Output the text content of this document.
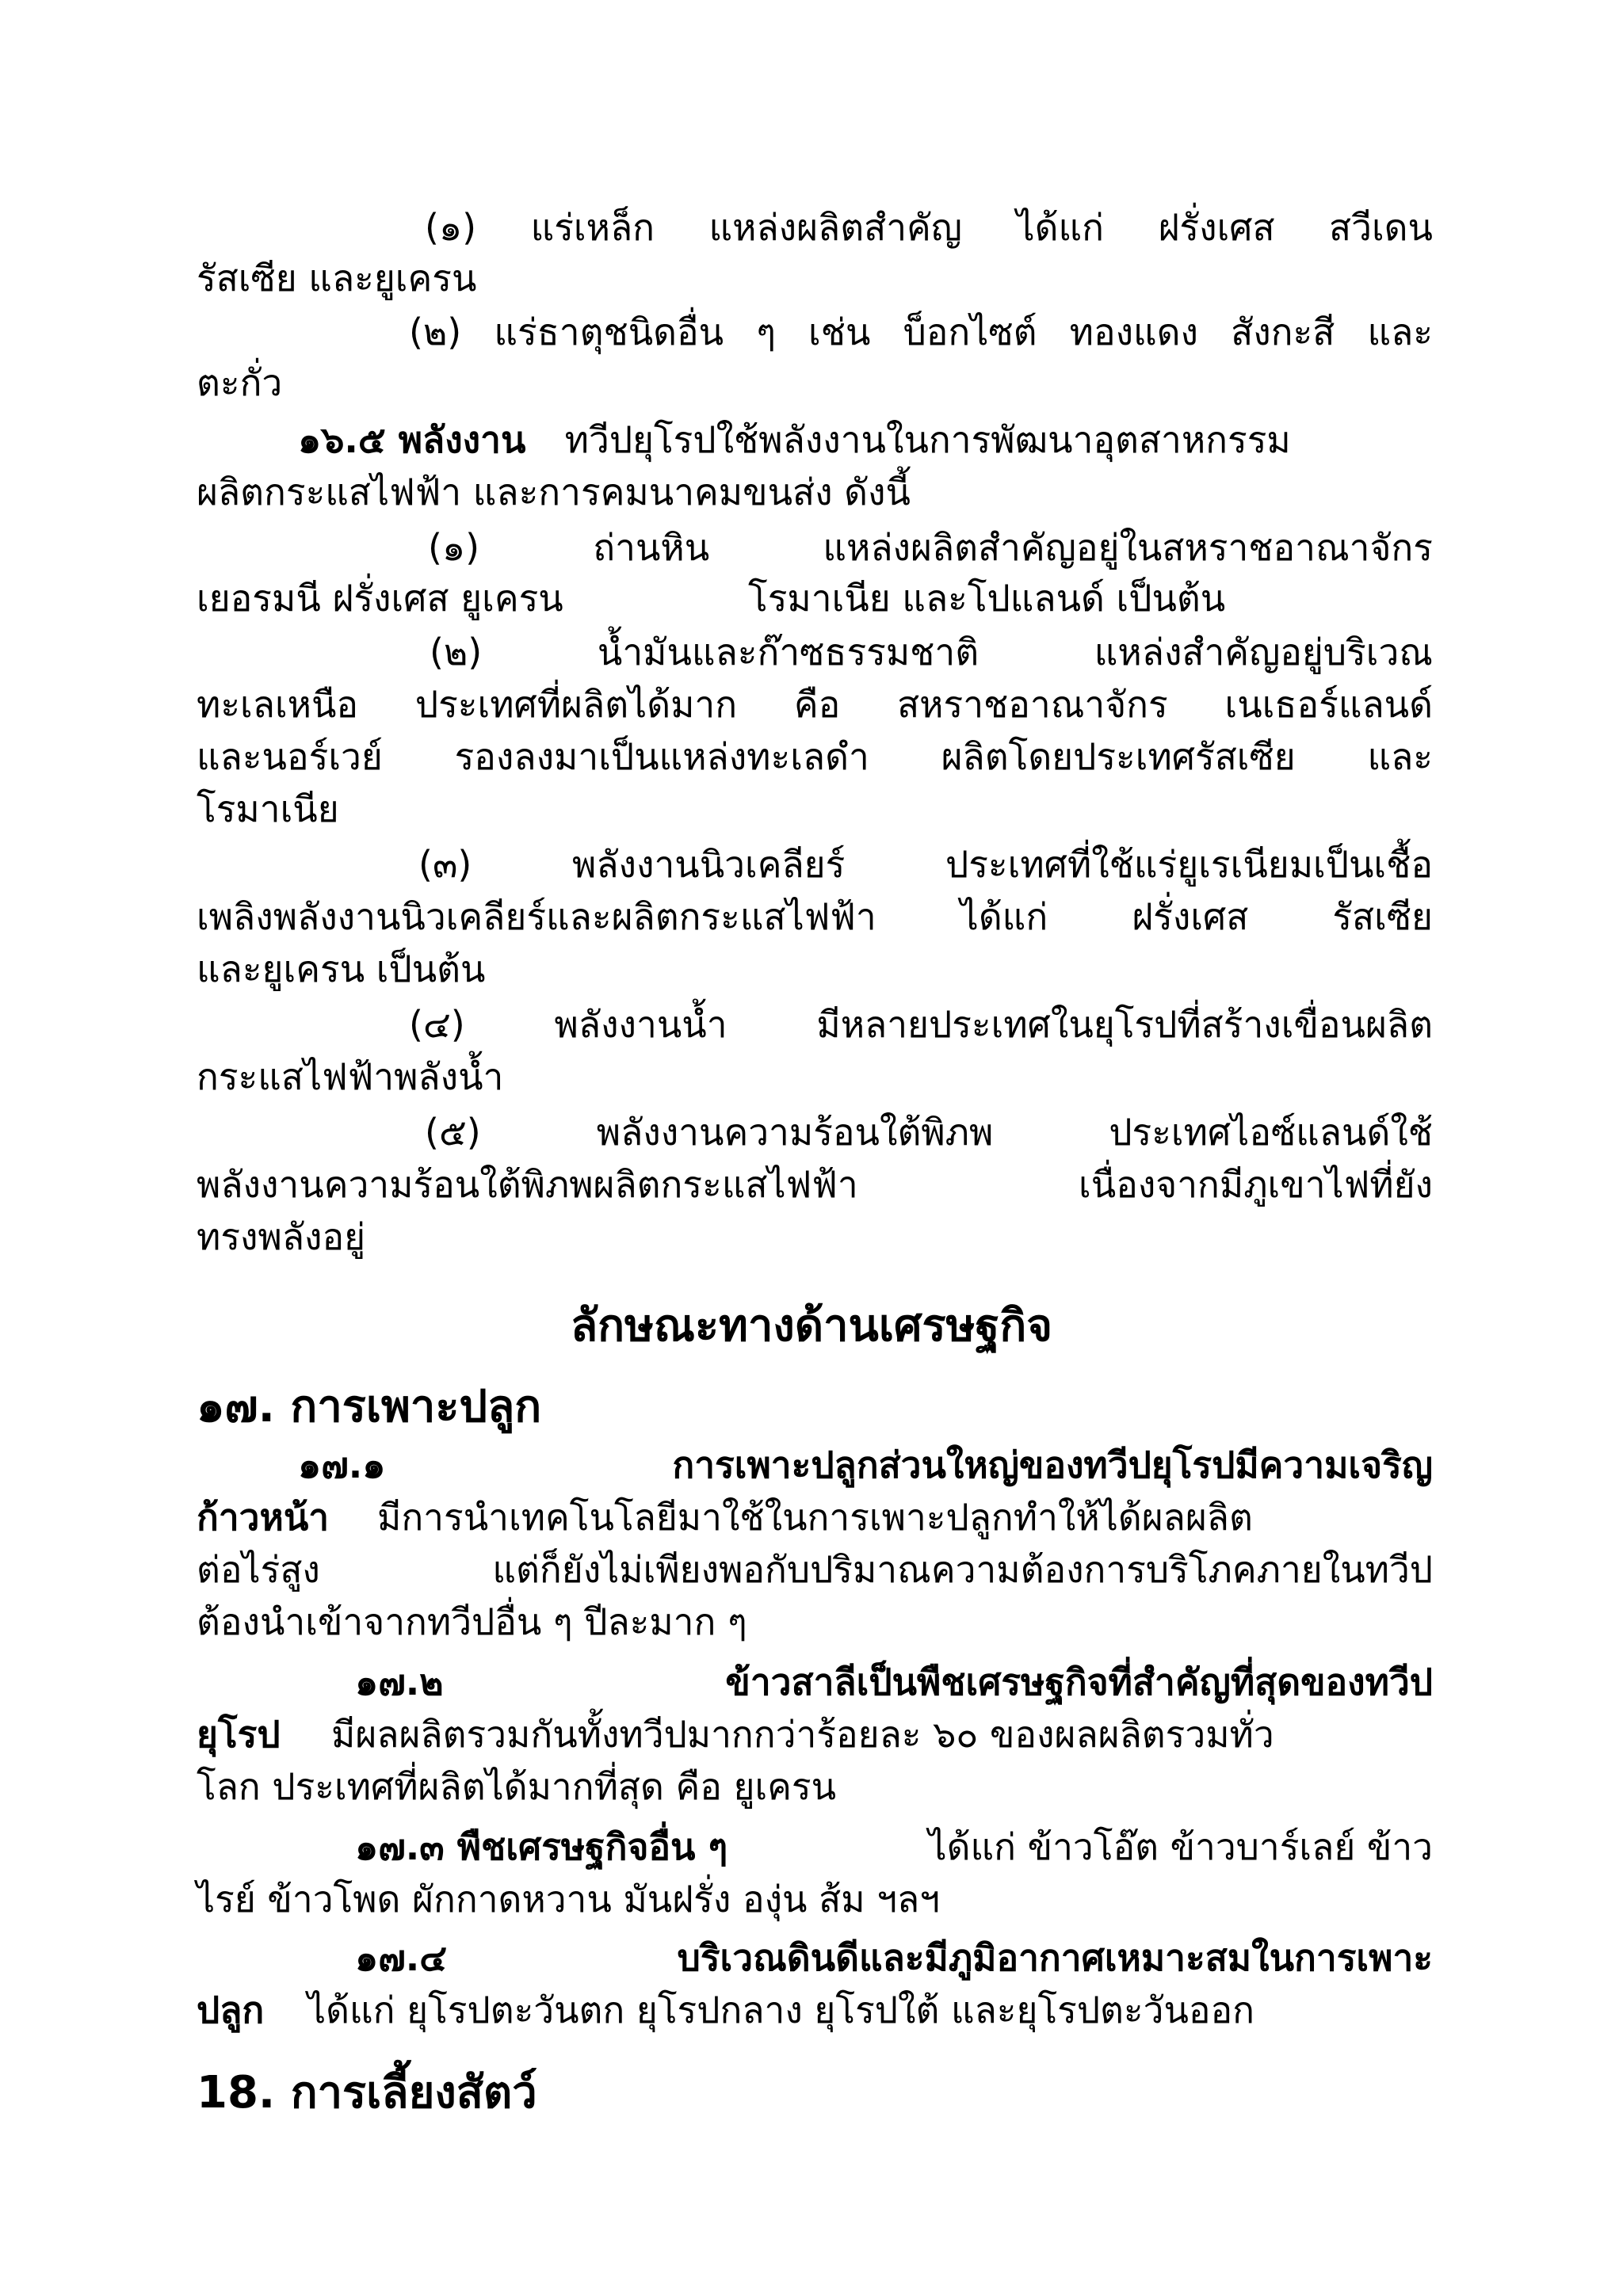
(๑) แร่เหล็ก แหล่งผลิตสำคัญ ได้แก่ ฝรั่งเศส สวีเดน
รัสเซีย และยูเครน
(๒) แร่ธาตุชนิดอื่น ๆ เช่น บ็อกไซต์ ทองแดง สังกะสี และ
ตะกั่ว
๑๖.๕ พลังงาน ทวีปยุโรปใช้พลังงานในการพัฒนาอุตสาหกรรม
ผลิตกระแสไฟฟ้า และการคมนาคมขนส่ง ดังนี้
(๑) ถ่านหิน แหล่งผลิตสำคัญอยู่ในสหราชอาณาจักร
เยอรมนี ฝรั่งเศส ยูเครน	โรมาเนีย และโปแลนด์ เป็นต้น
(๒) น้ำมันและก๊าซธรรมชาติ แหล่งสำคัญอยู่บริเวณ
ทะเลเหนือ ประเทศที่ผลิตได้มาก คือ สหราชอาณาจักร เนเธอร์แลนด์
และนอร์เวย์ รองลงมาเป็นแหล่งทะเลดำ ผลิตโดยประเทศรัสเซีย และ
โรมาเนีย
(๓) พลังงานนิวเคลียร์ ประเทศที่ใช้แร่ยูเรเนียมเป็นเชื้อ
เพลิงพลังงานนิวเคลียร์และผลิตกระแสไฟฟ้า ได้แก่ ฝรั่งเศส รัสเซีย
และยูเครน เป็นต้น
(๔) พลังงานน้ำ มีหลายประเทศในยุโรปที่สร้างเขื่อนผลิต
กระแสไฟฟ้าพลังน้ำ
(๕) พลังงานความร้อนใต้พิภพ ประเทศไอซ์แลนด์ใช้
พลังงานความร้อนใต้พิภพผลิตกระแสไฟฟ้า เนื่องจากมีภูเขาไฟที่ยัง
ทรงพลังอยู่
ลักษณะทางด้านเศรษฐกิจ
๑๗. การเพาะปลูก
๑๗.๑ การเพาะปลูกส่วนใหญ่ของทวีปยุโรปมีความเจริญ
ก้าวหน้า มีการนำเทคโนโลยีมาใช้ในการเพาะปลูกทำให้ได้ผลผลิต
ต่อไร่สูง แต่ก็ยังไม่เพียงพอกับปริมาณความต้องการบริโภคภายในทวีป
ต้องนำเข้าจากทวีปอื่น ๆ ปีละมาก ๆ
๑๗.๒ ข้าวสาลีเป็นพืชเศรษฐกิจที่สำคัญที่สุดของทวีป
ยุโรป มีผลผลิตรวมกันทั้งทวีปมากกว่าร้อยละ ๖๐ ของผลผลิตรวมทั่ว
โลก ประเทศที่ผลิตได้มากที่สุด คือ ยูเครน
๑๗.๓ พืชเศรษฐกิจอื่น ๆ	ได้แก่ ข้าวโอ๊ต ข้าวบาร์เลย์ ข้าว
ไรย์ ข้าวโพด ผักกาดหวาน มันฝรั่ง องุ่น ส้ม ฯลฯ
๑๗.๔ บริเวณดินดีและมีภูมิอากาศเหมาะสมในการเพาะ
ปลูก ได้แก่ ยุโรปตะวันตก ยุโรปกลาง ยุโรปใต้ และยุโรปตะวันออก
18. การเลี้ยงสัตว์
